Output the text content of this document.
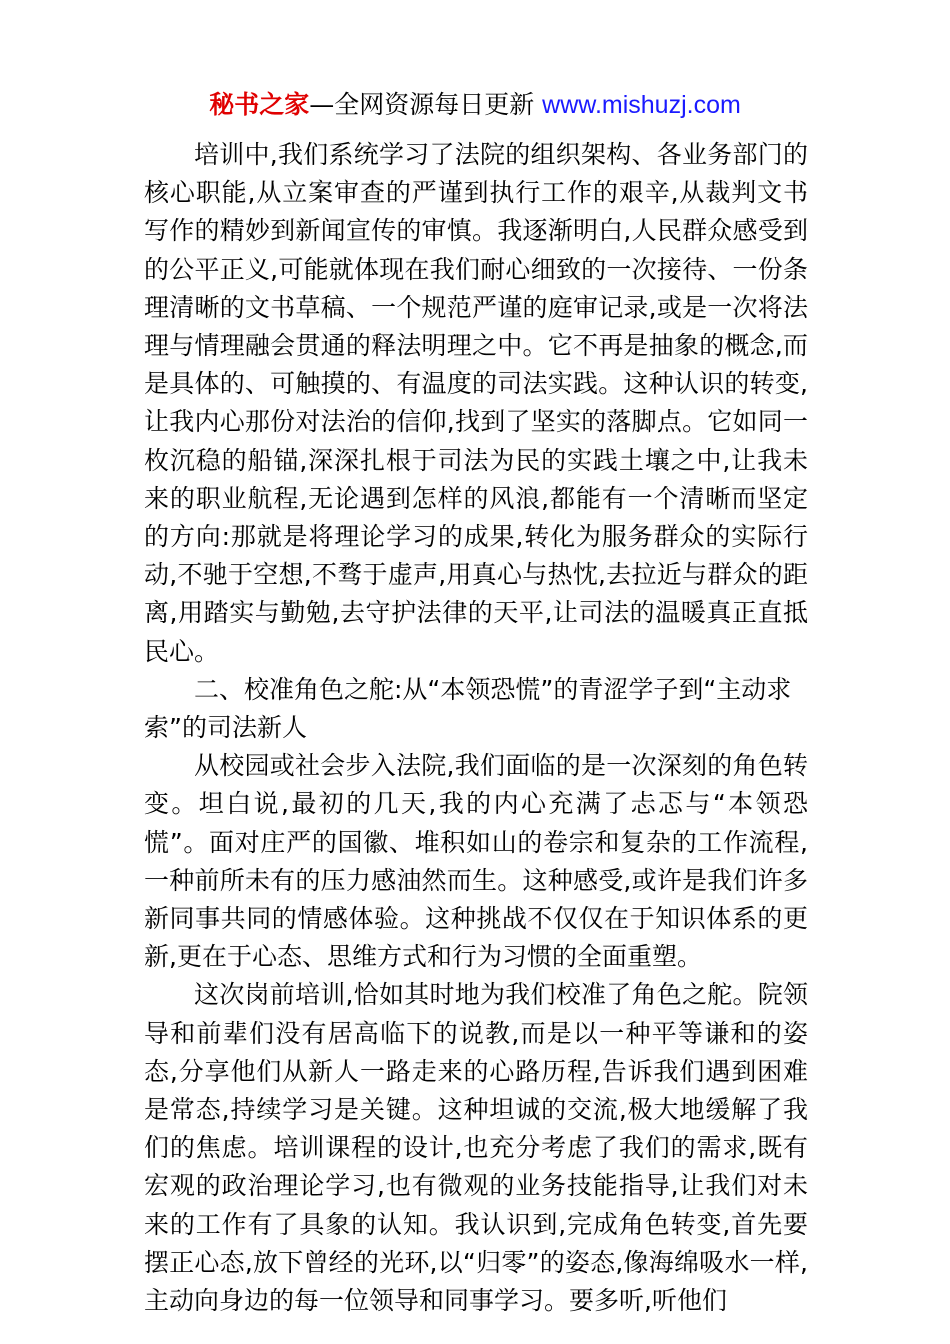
秘书之家—全网资源每日更新 www.mishuzj.com

培训中,我们系统学习了法院的组织架构、各业务部门的核心职能,从立案审查的严谨到执行工作的艰辛,从裁判文书写作的精妙到新闻宣传的审慎。我逐渐明白,人民群众感受到的公平正义,可能就体现在我们耐心细致的一次接待、一份条理清晰的文书草稿、一个规范严谨的庭审记录,或是一次将法理与情理融会贯通的释法明理之中。它不再是抽象的概念,而是具体的、可触摸的、有温度的司法实践。这种认识的转变,让我内心那份对法治的信仰,找到了坚实的落脚点。它如同一枚沉稳的船锚,深深扎根于司法为民的实践土壤之中,让我未来的职业航程,无论遇到怎样的风浪,都能有一个清晰而坚定的方向:那就是将理论学习的成果,转化为服务群众的实际行动,不驰于空想,不骛于虚声,用真心与热忱,去拉近与群众的距离,用踏实与勤勉,去守护法律的天平,让司法的温暖真正直抵民心。

二、校准角色之舵:从“本领恐慌”的青涩学子到“主动求索”的司法新人

从校园或社会步入法院,我们面临的是一次深刻的角色转变。坦白说,最初的几天,我的内心充满了忐忑与“本领恐慌”。面对庄严的国徽、堆积如山的卷宗和复杂的工作流程,一种前所未有的压力感油然而生。这种感受,或许是我们许多新同事共同的情感体验。这种挑战不仅仅在于知识体系的更新,更在于心态、思维方式和行为习惯的全面重塑。

这次岗前培训,恰如其时地为我们校准了角色之舵。院领导和前辈们没有居高临下的说教,而是以一种平等谦和的姿态,分享他们从新人一路走来的心路历程,告诉我们遇到困难是常态,持续学习是关键。这种坦诚的交流,极大地缓解了我们的焦虑。培训课程的设计,也充分考虑了我们的需求,既有宏观的政治理论学习,也有微观的业务技能指导,让我们对未来的工作有了具象的认知。我认识到,完成角色转变,首先要摆正心态,放下曾经的光环,以“归零”的姿态,像海绵吸水一样,主动向身边的每一位领导和同事学习。要多听,听他们
